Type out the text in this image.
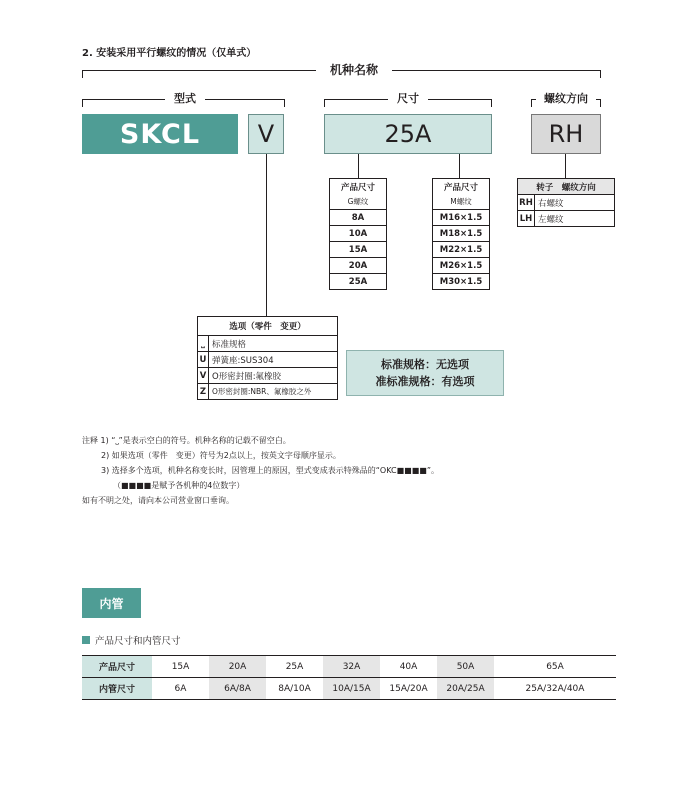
2. 安装采用平行螺纹的情况（仅单式）
机种名称
型式	尺寸	螺纹方向
SKCL	V	25A	RH
产品尺寸
G螺纹
8A
10A
15A
20A
25A
产品尺寸
M螺纹
M16×1.5
M18×1.5
M22×1.5
M26×1.5
M30×1.5
转子　螺纹方向	
RH	右螺纹
LH	左螺纹
选项（零件　变更）	
⎵	标准规格
U	弹簧座:SUS304
V	O形密封圈:氟橡胶
Z	O形密封圈:NBR、氟橡胶之外
标准规格：无选项
准标准规格：有选项
注释 1) “⎵”是表示空白的符号。机种名称的记载不留空白。
2) 如果选项（零件　变更）符号为2点以上，按英文字母顺序显示。
3) 选择多个选项，机种名称变长时，因管理上的原因，型式变成表示特殊品的“OKC■■■■”。
（■■■■是赋予各机种的4位数字）
如有不明之处，请向本公司营业窗口垂询。
内管
产品尺寸和内管尺寸
产品尺寸	15A	20A	25A	32A	40A	50A	65A
内管尺寸	6A	6A/8A	8A/10A	10A/15A	15A/20A	20A/25A	25A/32A/40A
